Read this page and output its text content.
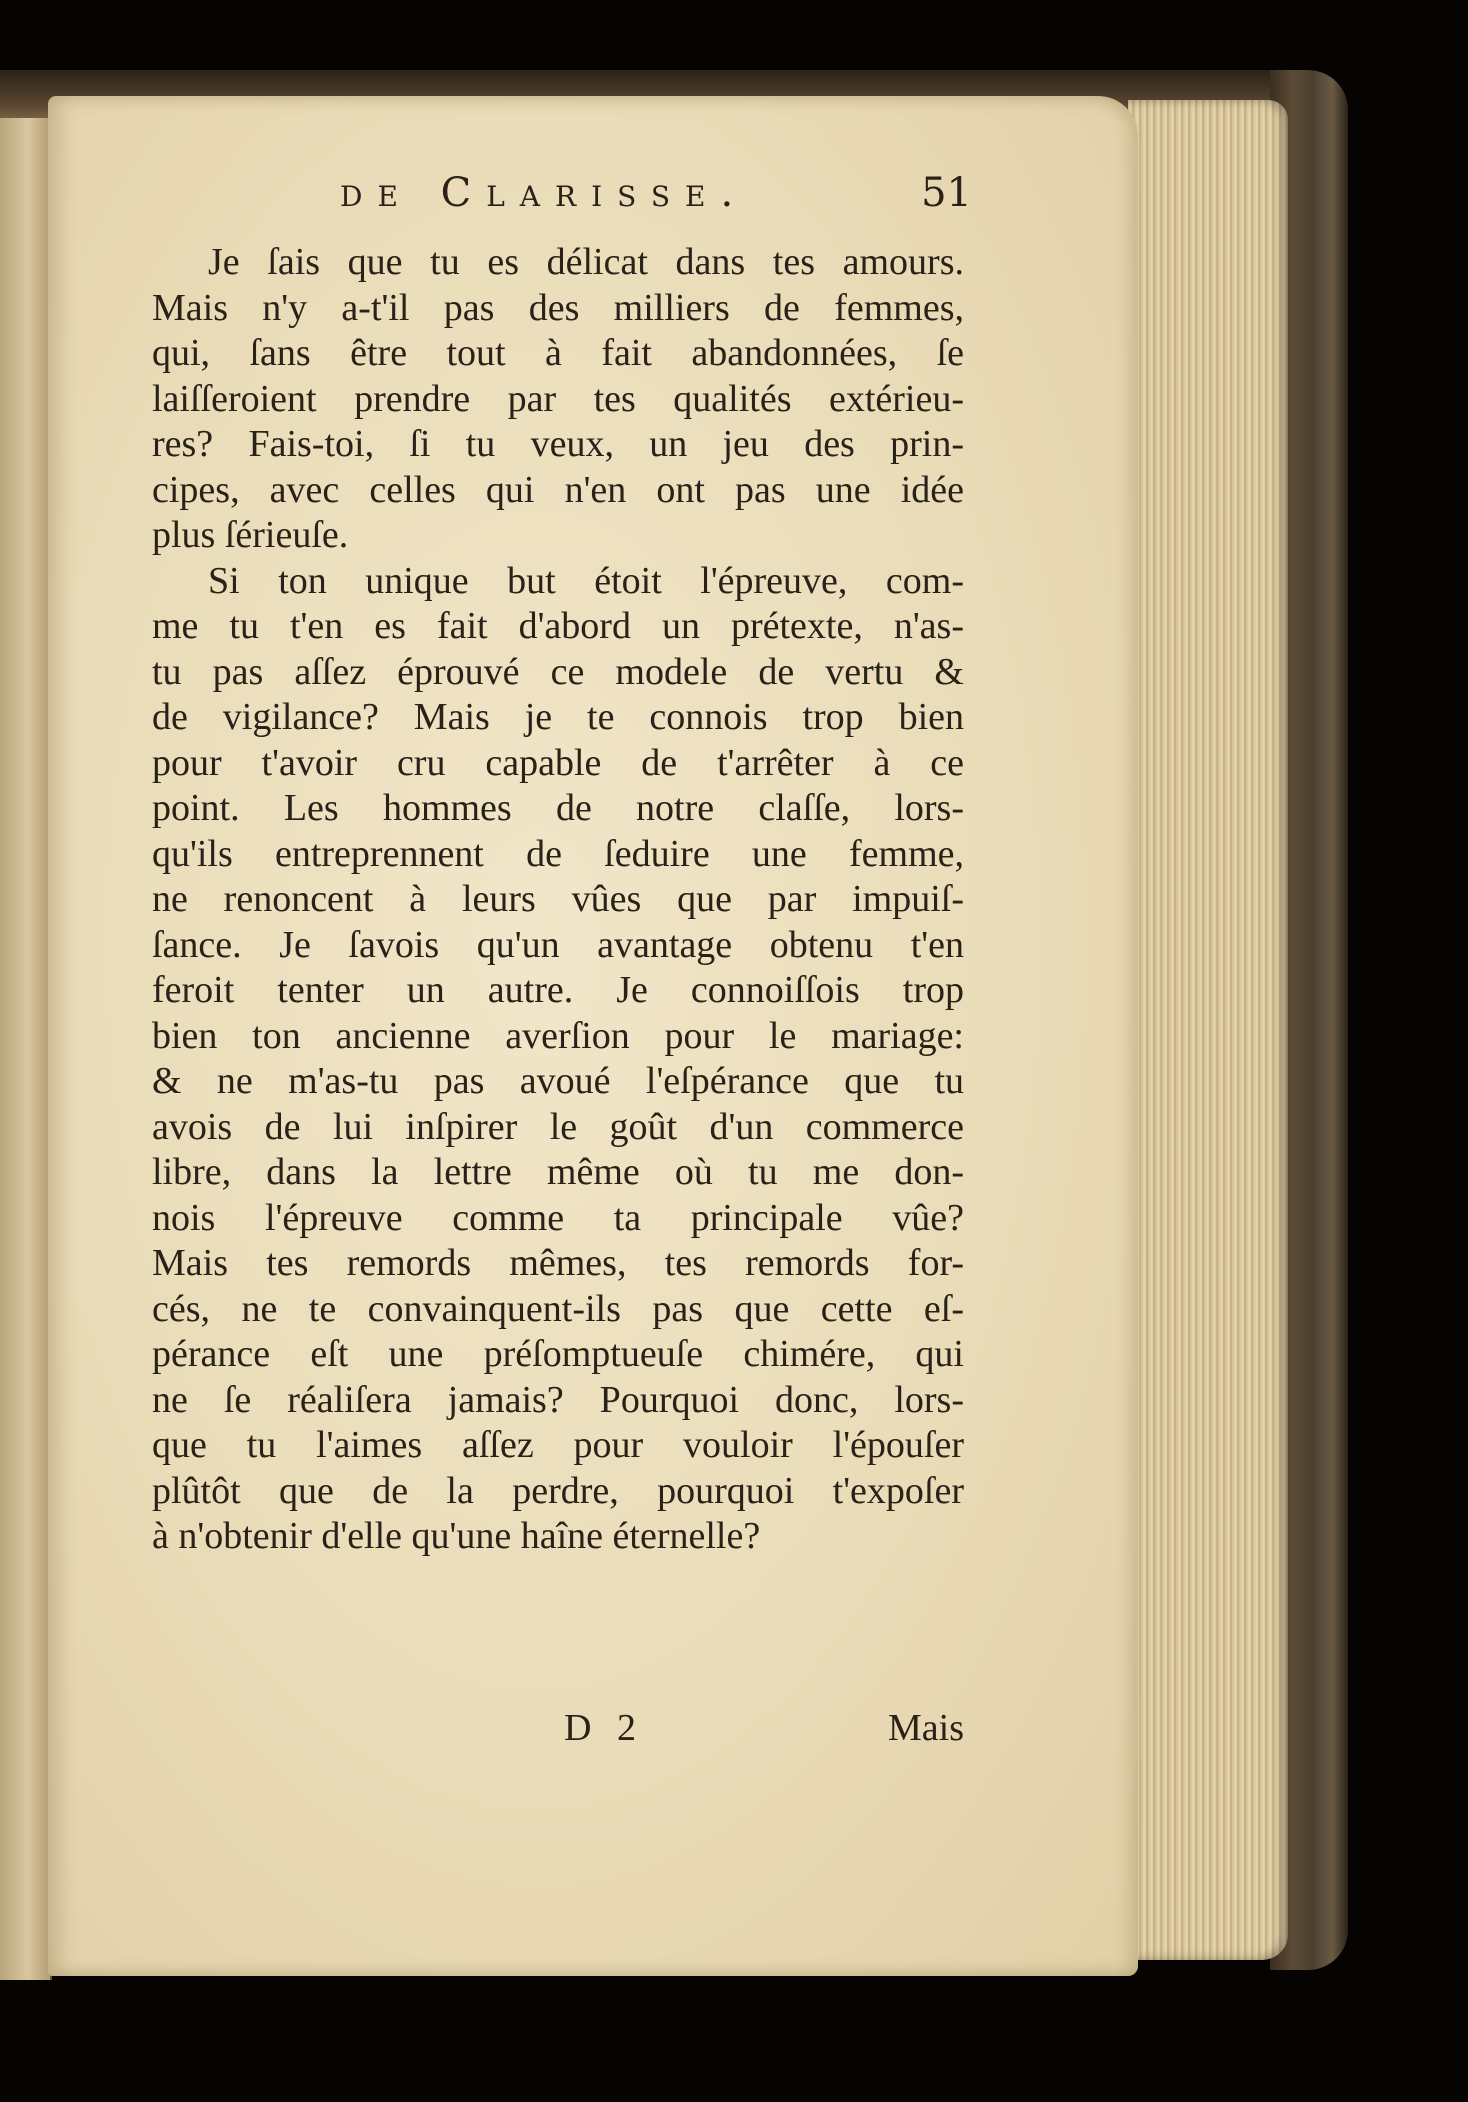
de Clarisse.	51
Je ſais que tu es délicat dans tes amours.
Mais n'y a-t'il pas des milliers de femmes,
qui, ſans être tout à fait abandonnées, ſe
laiſſeroient prendre par tes qualités extérieu-
res? Fais-toi, ſi tu veux, un jeu des prin-
cipes, avec celles qui n'en ont pas une idée
plus ſérieuſe.
Si ton unique but étoit l'épreuve, com-
me tu t'en es fait d'abord un prétexte, n'as-
tu pas aſſez éprouvé ce modele de vertu &
de vigilance? Mais je te connois trop bien
pour t'avoir cru capable de t'arrêter à ce
point. Les hommes de notre claſſe, lors-
qu'ils entreprennent de ſeduire une femme,
ne renoncent à leurs vûes que par impuiſ-
ſance. Je ſavois qu'un avantage obtenu t'en
feroit tenter un autre. Je connoiſſois trop
bien ton ancienne averſion pour le mariage:
& ne m'as-tu pas avoué l'eſpérance que tu
avois de lui inſpirer le goût d'un commerce
libre, dans la lettre même où tu me don-
nois l'épreuve comme ta principale vûe?
Mais tes remords mêmes, tes remords for-
cés, ne te convainquent-ils pas que cette eſ-
pérance eſt une préſomptueuſe chimére, qui
ne ſe réaliſera jamais? Pourquoi donc, lors-
que tu l'aimes aſſez pour vouloir l'épouſer
plûtôt que de la perdre, pourquoi t'expoſer
à n'obtenir d'elle qu'une haîne éternelle?
D 2	Mais
